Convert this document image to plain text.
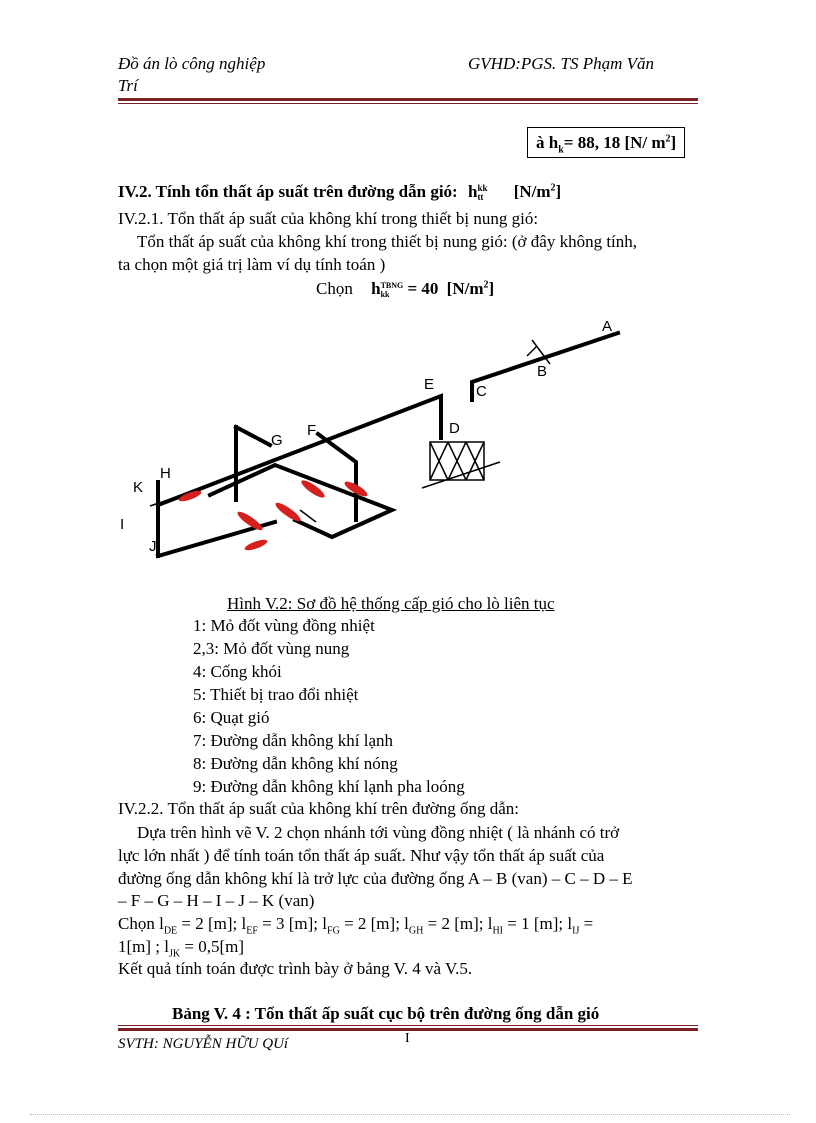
Đồ án lò công nghiệp
Trí
GVHD:PGS. TS Phạm Văn
à $h_k= 88$, 18 [N/ $m^2$]
IV.2. Tính tổn thất áp suất trên đường dẫn gió: h kk
tt $[N/m^2]$
IV.2.1. Tổn thất áp suất của không khí trong thiết bị nung gió:
Tổn thất áp suất của không khí trong thiết bị nung gió: (ở đây không tính,
ta chọn một giá trị làm ví dụ tính toán )
Chọn h TBNG
kk	= 40 $[N/m^2]$
A
B
C
D
E
F
G
H
I
J
K
Hình V.2: Sơ đồ hệ thống cấp gió cho lò liên tục
1: Mỏ đốt vùng đồng nhiệt
2,3: Mỏ đốt vùng nung
4: Cống khói
5: Thiết bị trao đổi nhiệt
6: Quạt gió
7: Đường dẫn không khí lạnh
8: Đường dẫn không khí nóng
9: Đường dẫn không khí lạnh pha loóng
IV.2.2. Tổn thất áp suất của không khí trên đường ống dẫn:
Dựa trên hình vẽ V. 2 chọn nhánh tới vùng đồng nhiệt ( là nhánh có trở
lực lớn nhất ) để tính toán tổn thất áp suất. Như vậy tổn thất áp suất của
đường ống dẫn không khí là trở lực của đường ống A – B (van) – C – D – E
– F – G – H – I – J – K (van)
Chọn $l_{DE} = 2$ [m]; $l_{EF} = 3$ [m]; $l_{FG} = 2$ [m]; $l_{GH} = 2$ [m]; $l_{HI} = 1$ [m]; $l_{IJ}$ =
1[m] ; $l_{JK} = 0,5[m]$
Kết quả tính toán được trình bày ở bảng V. 4 và V.5.
Bảng V. 4 : Tổn thất ấp suất cục bộ trên đường ống dẫn gió
SVTH: NGUYỄN HỮU QUí	I
